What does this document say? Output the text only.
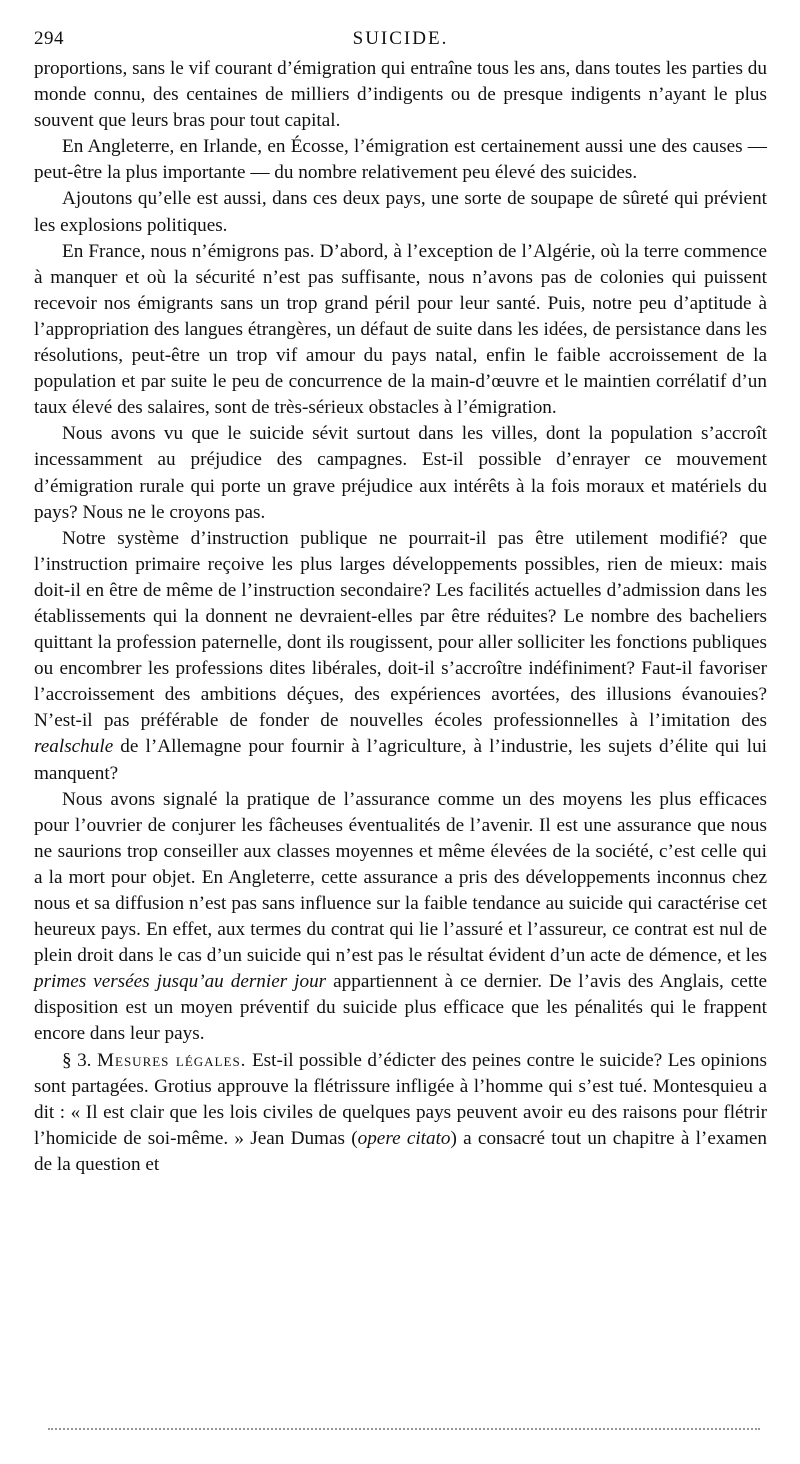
294	SUICIDE.

proportions, sans le vif courant d’émigration qui entraîne tous les ans, dans toutes les parties du monde connu, des centaines de milliers d’indigents ou de presque indigents n’ayant le plus souvent que leurs bras pour tout capital.

En Angleterre, en Irlande, en Écosse, l’émigration est certainement aussi une des causes — peut-être la plus importante — du nombre relativement peu élevé des suicides.

Ajoutons qu’elle est aussi, dans ces deux pays, une sorte de soupape de sûreté qui prévient les explosions politiques.

En France, nous n’émigrons pas. D’abord, à l’exception de l’Algérie, où la terre commence à manquer et où la sécurité n’est pas suffisante, nous n’avons pas de colonies qui puissent recevoir nos émigrants sans un trop grand péril pour leur santé. Puis, notre peu d’aptitude à l’appropriation des langues étrangères, un défaut de suite dans les idées, de persistance dans les résolutions, peut-être un trop vif amour du pays natal, enfin le faible accroissement de la population et par suite le peu de concurrence de la main-d’œuvre et le maintien corrélatif d’un taux élevé des salaires, sont de très-sérieux obstacles à l’émigration.

Nous avons vu que le suicide sévit surtout dans les villes, dont la population s’accroît incessamment au préjudice des campagnes. Est-il possible d’enrayer ce mouvement d’émigration rurale qui porte un grave préjudice aux intérêts à la fois moraux et matériels du pays? Nous ne le croyons pas.

Notre système d’instruction publique ne pourrait-il pas être utilement modifié? que l’instruction primaire reçoive les plus larges développements possibles, rien de mieux: mais doit-il en être de même de l’instruction secondaire? Les facilités actuelles d’admission dans les établissements qui la donnent ne devraient-elles par être réduites? Le nombre des bacheliers quittant la profession paternelle, dont ils rougissent, pour aller solliciter les fonctions publiques ou encombrer les professions dites libérales, doit-il s’accroître indéfiniment? Faut-il favoriser l’accroissement des ambitions déçues, des expériences avortées, des illusions évanouies? N’est-il pas préférable de fonder de nouvelles écoles professionnelles à l’imitation des realschule de l’Allemagne pour fournir à l’agriculture, à l’industrie, les sujets d’élite qui lui manquent?

Nous avons signalé la pratique de l’assurance comme un des moyens les plus efficaces pour l’ouvrier de conjurer les fâcheuses éventualités de l’avenir. Il est une assurance que nous ne saurions trop conseiller aux classes moyennes et même élevées de la société, c’est celle qui a la mort pour objet. En Angleterre, cette assurance a pris des développements inconnus chez nous et sa diffusion n’est pas sans influence sur la faible tendance au suicide qui caractérise cet heureux pays. En effet, aux termes du contrat qui lie l’assuré et l’assureur, ce contrat est nul de plein droit dans le cas d’un suicide qui n’est pas le résultat évident d’un acte de démence, et les primes versées jusqu’au dernier jour appartiennent à ce dernier. De l’avis des Anglais, cette disposition est un moyen préventif du suicide plus efficace que les pénalités qui le frappent encore dans leur pays.

§ 3. Mesures légales. Est-il possible d’édicter des peines contre le suicide? Les opinions sont partagées. Grotius approuve la flétrissure infligée à l’homme qui s’est tué. Montesquieu a dit : « Il est clair que les lois civiles de quelques pays peuvent avoir eu des raisons pour flétrir l’homicide de soi-même. » Jean Dumas (opere citato) a consacré tout un chapitre à l’examen de la question et
